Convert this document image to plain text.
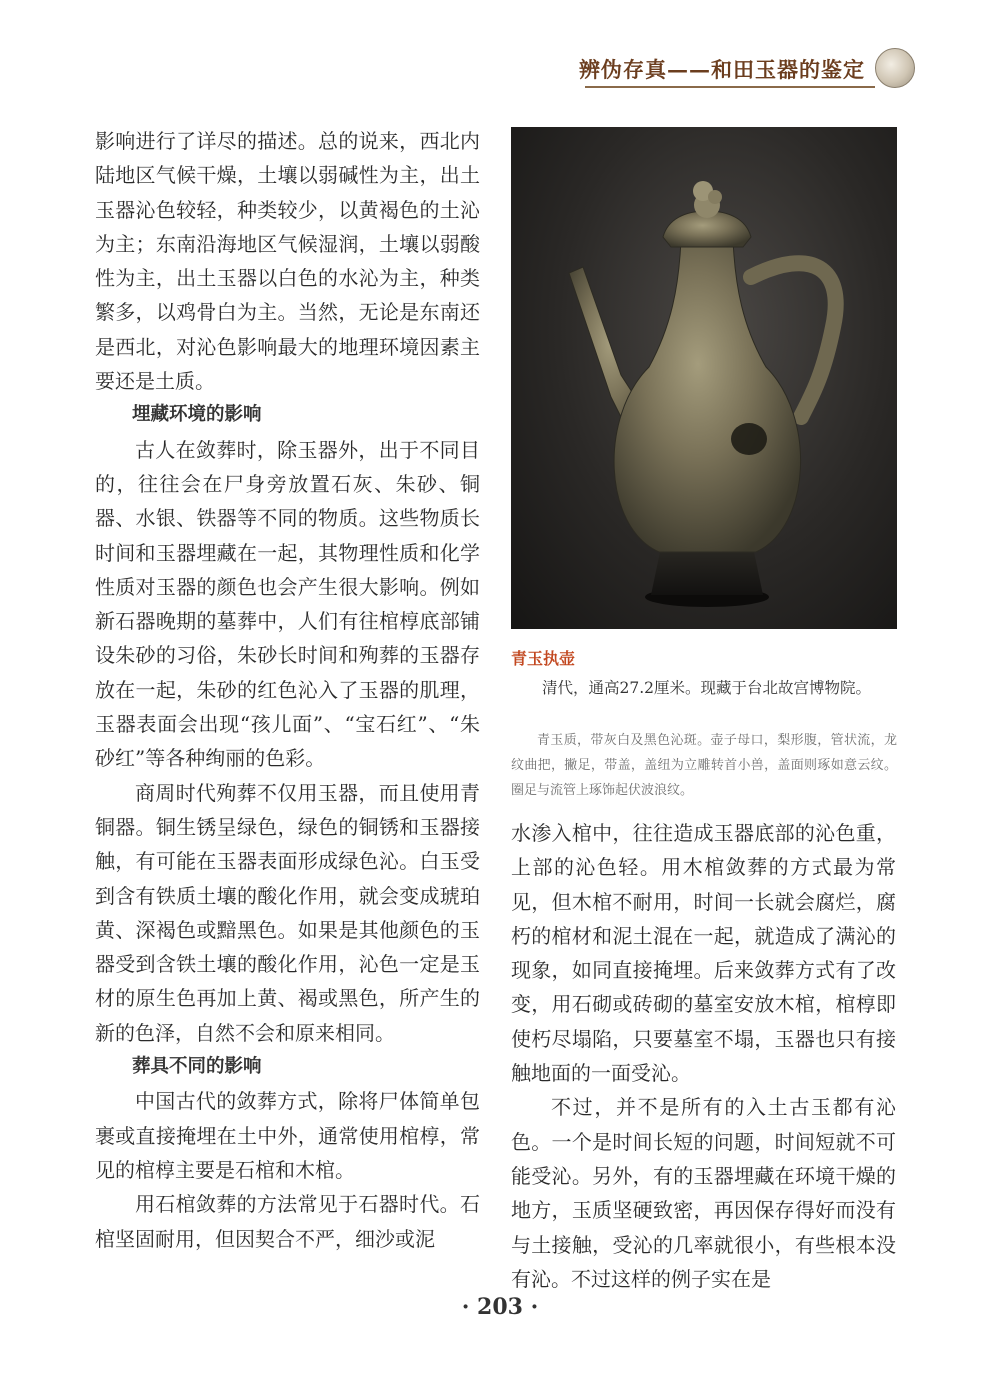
辨伪存真——和田玉器的鉴定

影响进行了详尽的描述。总的说来，西北内陆地区气候干燥，土壤以弱碱性为主，出土玉器沁色较轻，种类较少，以黄褐色的土沁为主；东南沿海地区气候湿润，土壤以弱酸性为主，出土玉器以白色的水沁为主，种类繁多，以鸡骨白为主。当然，无论是东南还是西北，对沁色影响最大的地理环境因素主要还是土质。

埋藏环境的影响

古人在敛葬时，除玉器外，出于不同目的，往往会在尸身旁放置石灰、朱砂、铜器、水银、铁器等不同的物质。这些物质长时间和玉器埋藏在一起，其物理性质和化学性质对玉器的颜色也会产生很大影响。例如新石器晚期的墓葬中，人们有往棺椁底部铺设朱砂的习俗，朱砂长时间和殉葬的玉器存放在一起，朱砂的红色沁入了玉器的肌理，玉器表面会出现“孩儿面”、“宝石红”、“朱砂红”等各种绚丽的色彩。

商周时代殉葬不仅用玉器，而且使用青铜器。铜生锈呈绿色，绿色的铜锈和玉器接触，有可能在玉器表面形成绿色沁。白玉受到含有铁质土壤的酸化作用，就会变成琥珀黄、深褐色或黯黑色。如果是其他颜色的玉器受到含铁土壤的酸化作用，沁色一定是玉材的原生色再加上黄、褐或黑色，所产生的新的色泽，自然不会和原来相同。

葬具不同的影响

中国古代的敛葬方式，除将尸体简单包裹或直接掩埋在土中外，通常使用棺椁，常见的棺椁主要是石棺和木棺。

用石棺敛葬的方法常见于石器时代。石棺坚固耐用，但因契合不严，细沙或泥

青玉执壶
清代，通高27.2厘米。现藏于台北故宫博物院。
青玉质，带灰白及黑色沁斑。壶子母口，梨形腹，管状流，龙纹曲把，撇足，带盖，盖纽为立雕转首小兽，盖面则琢如意云纹。圈足与流管上琢饰起伏波浪纹。

水渗入棺中，往往造成玉器底部的沁色重，上部的沁色轻。用木棺敛葬的方式最为常见，但木棺不耐用，时间一长就会腐烂，腐朽的棺材和泥土混在一起，就造成了满沁的现象，如同直接掩埋。后来敛葬方式有了改变，用石砌或砖砌的墓室安放木棺，棺椁即使朽尽塌陷，只要墓室不塌，玉器也只有接触地面的一面受沁。

不过，并不是所有的入土古玉都有沁色。一个是时间长短的问题，时间短就不可能受沁。另外，有的玉器埋藏在环境干燥的地方，玉质坚硬致密，再因保存得好而没有与土接触，受沁的几率就很小，有些根本没有沁。不过这样的例子实在是

· 203 ·
